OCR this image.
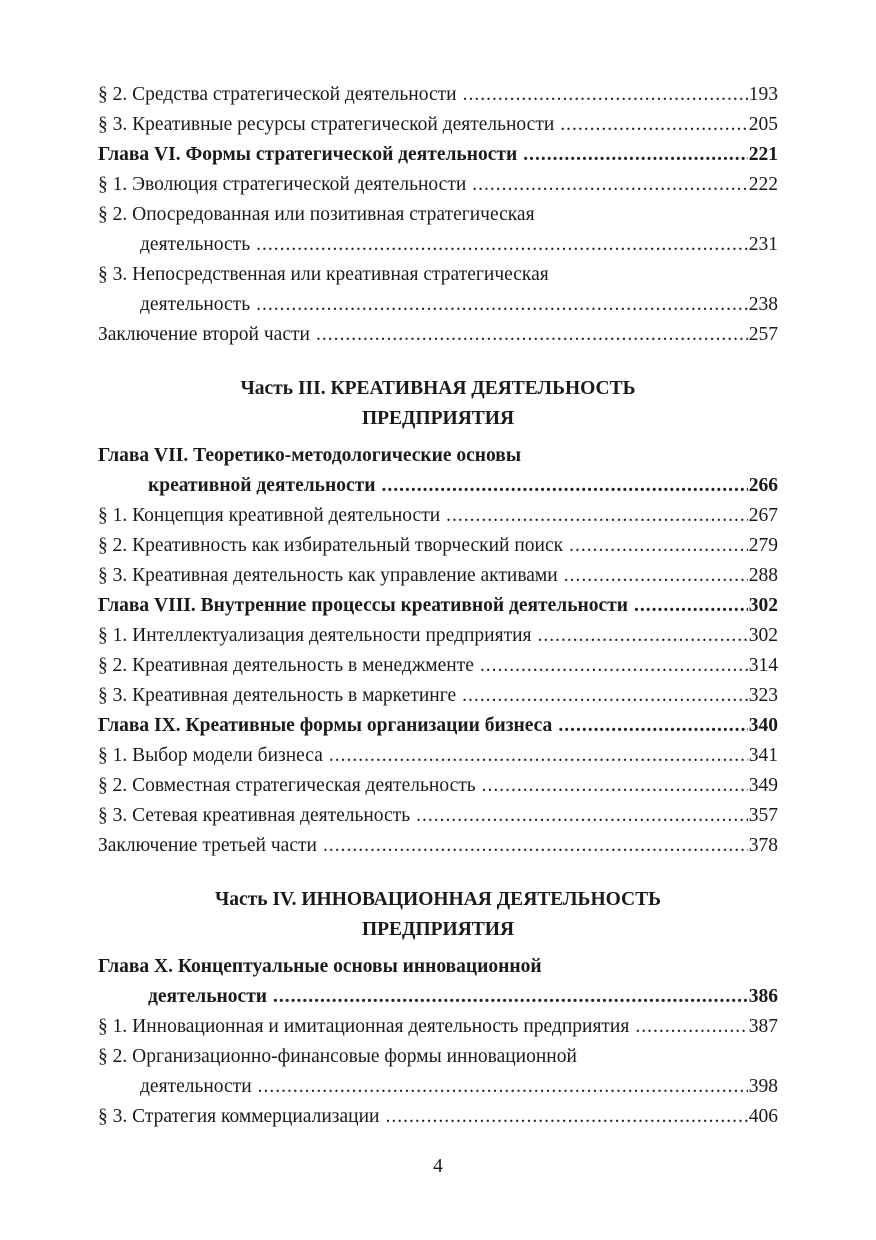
§ 2. Средства стратегической деятельности .....	193
§ 3. Креативные ресурсы стратегической деятельности .....	205
Глава VI. Формы стратегической деятельности .....	221
§ 1. Эволюция стратегической деятельности .....	222
§ 2. Опосредованная или позитивная стратегическая
деятельность .....	231
§ 3. Непосредственная или креативная стратегическая
деятельность .....	238
Заключение второй части .....	257
Часть III. КРЕАТИВНАЯ ДЕЯТЕЛЬНОСТЬ
ПРЕДПРИЯТИЯ
Глава VII. Теоретико-методологические основы
креативной деятельности .....	266
§ 1. Концепция креативной деятельности .....	267
§ 2. Креативность как избирательный творческий поиск .....	279
§ 3. Креативная деятельность как управление активами .....	288
Глава VIII. Внутренние процессы креативной деятельности .....	302
§ 1. Интеллектуализация деятельности предприятия .....	302
§ 2. Креативная деятельность в менеджменте .....	314
§ 3. Креативная деятельность в маркетинге .....	323
Глава IX. Креативные формы организации бизнеса .....	340
§ 1. Выбор модели бизнеса .....	341
§ 2. Совместная стратегическая деятельность .....	349
§ 3. Сетевая креативная деятельность .....	357
Заключение третьей части .....	378
Часть IV. ИННОВАЦИОННАЯ ДЕЯТЕЛЬНОСТЬ
ПРЕДПРИЯТИЯ
Глава X. Концептуальные основы инновационной
деятельности .....	386
§ 1. Инновационная и имитационная деятельность предприятия .....	387
§ 2. Организационно-финансовые формы инновационной
деятельности .....	398
§ 3. Стратегия коммерциализации .....	406
4
